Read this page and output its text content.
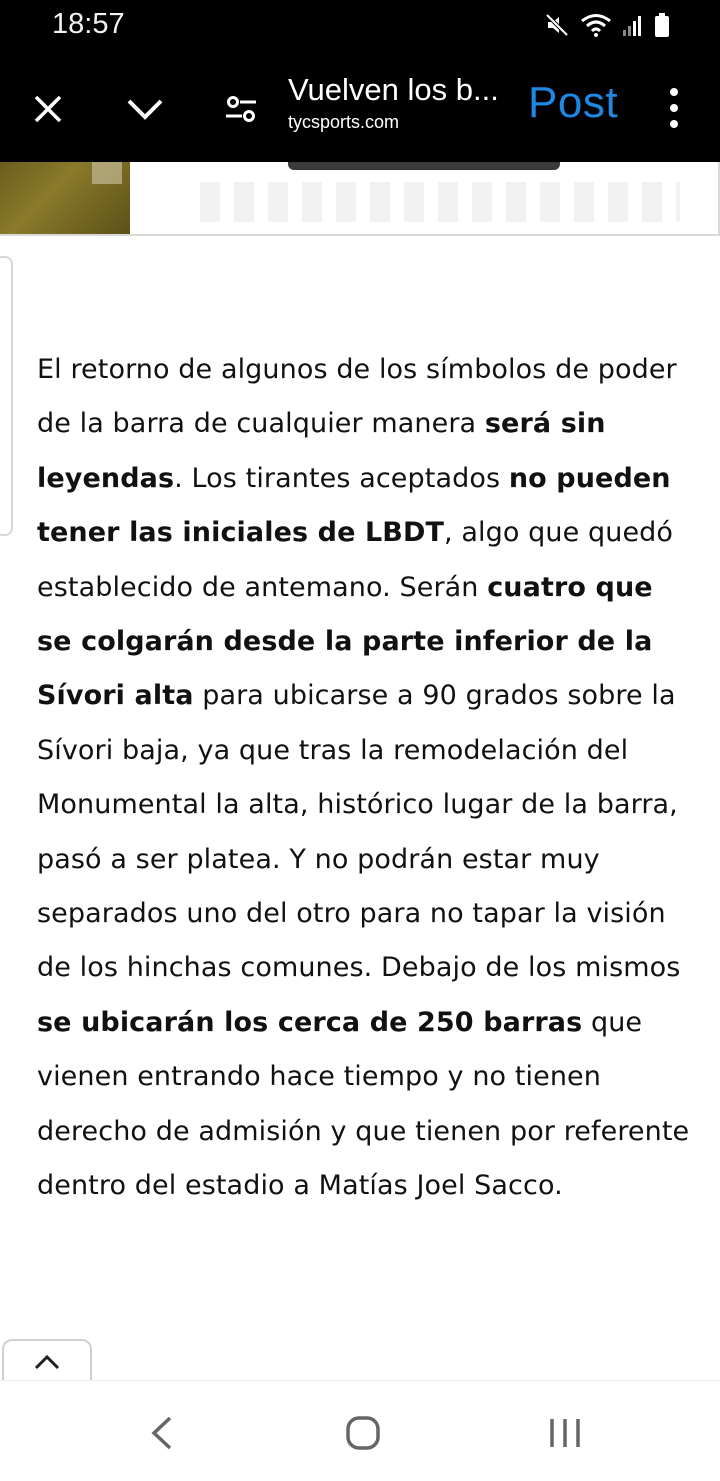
18:57
Vuelven los b...
tycsports.com	Post
El retorno de algunos de los símbolos de poder de la barra de cualquier manera será sin leyendas. Los tirantes aceptados no pueden tener las iniciales de LBDT, algo que quedó establecido de antemano. Serán cuatro que se colgarán desde la parte inferior de la Sívori alta para ubicarse a 90 grados sobre la Sívori baja, ya que tras la remodelación del Monumental la alta, histórico lugar de la barra, pasó a ser platea. Y no podrán estar muy separados uno del otro para no tapar la visión de los hinchas comunes. Debajo de los mismos se ubicarán los cerca de 250 barras que vienen entrando hace tiempo y no tienen derecho de admisión y que tienen por referente dentro del estadio a Matías Joel Sacco.
